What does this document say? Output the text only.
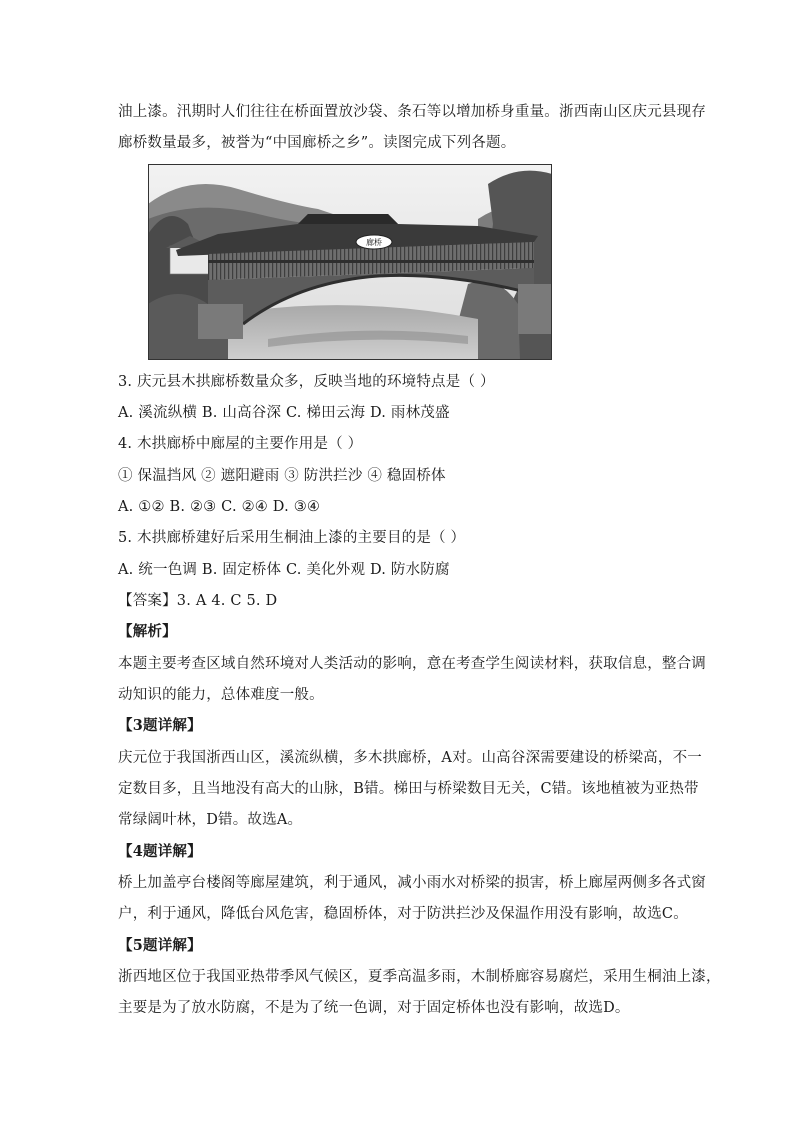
油上漆。汛期时人们往往在桥面置放沙袋、条石等以增加桥身重量。浙西南山区庆元县现存
廊桥数量最多，被誉为“中国廊桥之乡”。读图完成下列各题。
廊桥
3. 庆元县木拱廊桥数量众多，反映当地的环境特点是（ ）
A. 溪流纵横 B. 山高谷深 C. 梯田云海 D. 雨林茂盛
4. 木拱廊桥中廊屋的主要作用是（ ）
① 保温挡风 ② 遮阳避雨 ③ 防洪拦沙 ④ 稳固桥体
A. ①② B. ②③ C. ②④ D. ③④
5. 木拱廊桥建好后采用生桐油上漆的主要目的是（ ）
A. 统一色调 B. 固定桥体 C. 美化外观 D. 防水防腐
【答案】3. A 4. C 5. D
【解析】
本题主要考查区域自然环境对人类活动的影响，意在考查学生阅读材料，获取信息，整合调
动知识的能力，总体难度一般。
【3题详解】
庆元位于我国浙西山区，溪流纵横，多木拱廊桥，A对。山高谷深需要建设的桥梁高，不一
定数目多，且当地没有高大的山脉，B错。梯田与桥梁数目无关，C错。该地植被为亚热带
常绿阔叶林，D错。故选A。
【4题详解】
桥上加盖亭台楼阁等廊屋建筑，利于通风，减小雨水对桥梁的损害，桥上廊屋两侧多各式窗
户，利于通风，降低台风危害，稳固桥体，对于防洪拦沙及保温作用没有影响，故选C。
【5题详解】
浙西地区位于我国亚热带季风气候区，夏季高温多雨，木制桥廊容易腐烂，采用生桐油上漆，
主要是为了放水防腐，不是为了统一色调，对于固定桥体也没有影响，故选D。
